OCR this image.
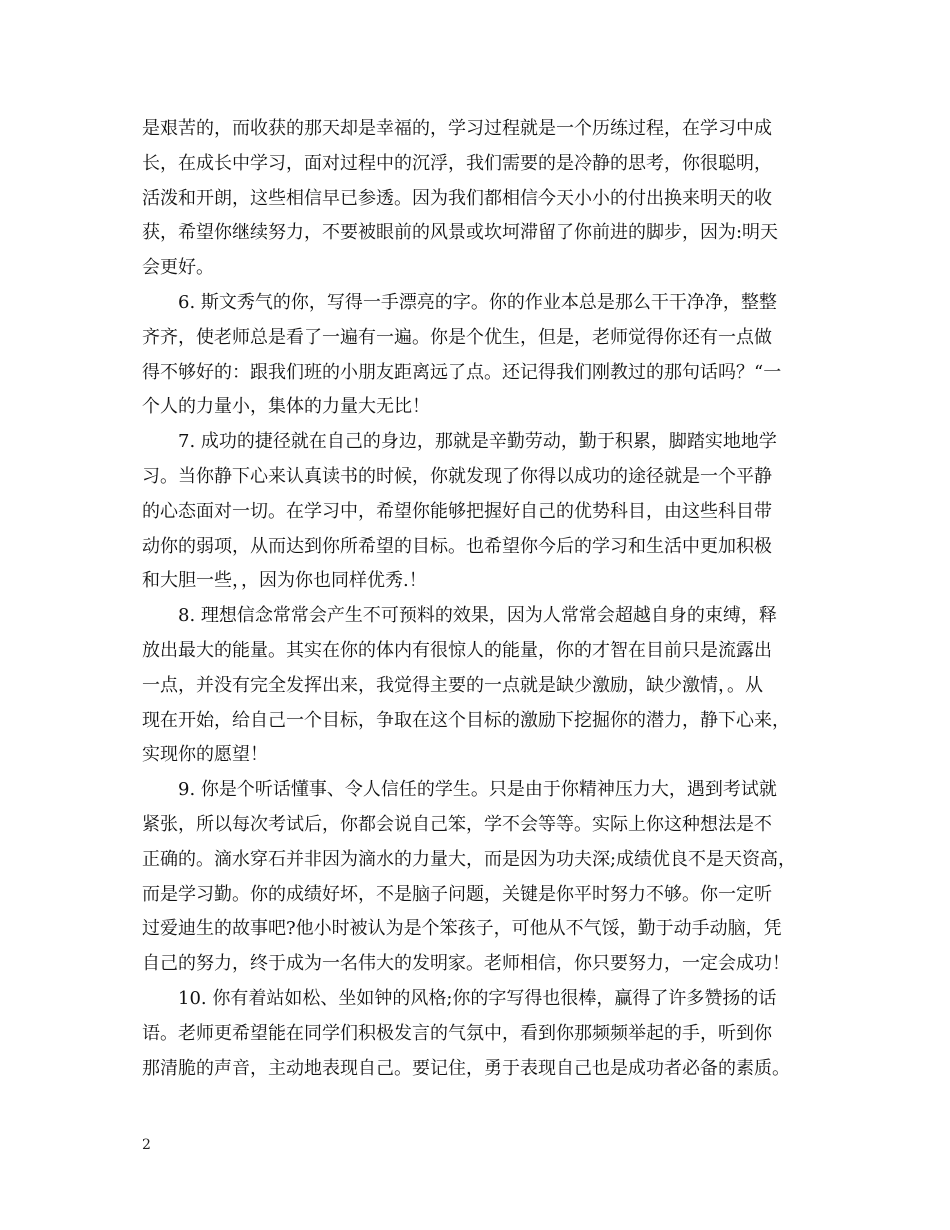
是艰苦的，而收获的那天却是幸福的，学习过程就是一个历练过程，在学习中成
长，在成长中学习，面对过程中的沉浮，我们需要的是冷静的思考，你很聪明，
活泼和开朗，这些相信早已参透。因为我们都相信今天小小的付出换来明天的收
获，希望你继续努力，不要被眼前的风景或坎坷滞留了你前进的脚步，因为:明天
会更好。
6. 斯文秀气的你，写得一手漂亮的字。你的作业本总是那么干干净净，整整
齐齐，使老师总是看了一遍有一遍。你是个优生，但是，老师觉得你还有一点做
得不够好的：跟我们班的小朋友距离远了点。还记得我们刚教过的那句话吗？“一
个人的力量小，集体的力量大无比！
7. 成功的捷径就在自己的身边，那就是辛勤劳动，勤于积累，脚踏实地地学
习。当你静下心来认真读书的时候，你就发现了你得以成功的途径就是一个平静
的心态面对一切。在学习中，希望你能够把握好自己的优势科目，由这些科目带
动你的弱项，从而达到你所希望的目标。也希望你今后的学习和生活中更加积极
和大胆一些，，因为你也同样优秀.！
8. 理想信念常常会产生不可预料的效果，因为人常常会超越自身的束缚，释
放出最大的能量。其实在你的体内有很惊人的能量，你的才智在目前只是流露出
一点，并没有完全发挥出来，我觉得主要的一点就是缺少激励，缺少激情，。从
现在开始，给自己一个目标，争取在这个目标的激励下挖掘你的潜力，静下心来，
实现你的愿望！
9. 你是个听话懂事、令人信任的学生。只是由于你精神压力大，遇到考试就
紧张，所以每次考试后，你都会说自己笨，学不会等等。实际上你这种想法是不
正确的。滴水穿石并非因为滴水的力量大，而是因为功夫深;成绩优良不是天资高，
而是学习勤。你的成绩好坏，不是脑子问题，关键是你平时努力不够。你一定听
过爱迪生的故事吧?他小时被认为是个笨孩子，可他从不气馁，勤于动手动脑，凭
自己的努力，终于成为一名伟大的发明家。老师相信，你只要努力，一定会成功！
10. 你有着站如松、坐如钟的风格;你的字写得也很棒，赢得了许多赞扬的话
语。老师更希望能在同学们积极发言的气氛中，看到你那频频举起的手，听到你
那清脆的声音，主动地表现自己。要记住，勇于表现自己也是成功者必备的素质。
2
